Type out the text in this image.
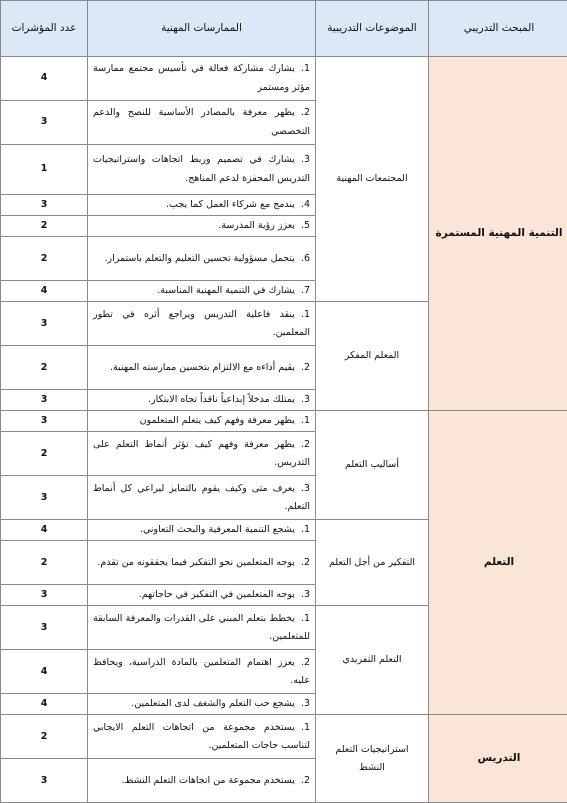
المبحث التدريبي	الموضوعات التدريبية	الممارسات المهنية	عدد المؤشرات
التنمية المهنية المستمرة	المجتمعات المهنية	1.يشارك مشاركة فعالة في تأسيس مجتمع ممارسة مؤثر ومستمر	4
		2.يظهر معرفة بالمصادر الأساسية للنصح والدعم التخصصي	3
		3.يشارك في تصميم وربط اتجاهات واستراتيجيات التدريس المحفزة لدعم المناهج.	1
		4.يندمج مع شركاء العمل كما يجب.	3
		5.يعزز رؤية المدرسة.	2
		6.يتحمل مسؤولية تحسين التعليم والتعلم باستمرار.	2
		7.يشارك في التنمية المهنية المناسبة.	4
	المعلم المفكر	1.ينقد فاعلية التدريس ويراجع أثره في تطور المعلمين.	3
		2.يقيم أداءه مع الالتزام بتحسين ممارسته المهنية.	2
		3.يمتلك مدخلاً إبداعياً ناقداً تجاه الابتكار.	3
التعلم	أساليب التعلم	1.يظهر معرفة وفهم كيف يتعلم المتعلمون	3
		2.يظهر معرفة وفهم كيف تؤثر أنماط التعلم على التدريس.	2
		3.يعرف متى وكيف يقوم بالتمايز ليراعي كل أنماط التعلم.	3
	التفكير من أجل التعلم	1.يشجع التنمية المعرفية والبحث التعاوني.	4
		2.يوجه المتعلمين نحو التفكير فيما يحققونه من تقدم.	2
		3.يوجه المتعلمين في التفكير في حاجاتهم.	3
	التعلم التفريدي	1.يخطط بتعلم المبني على القدرات والمعرفة السابقة للمتعلمين.	3
		2.يعزز اهتمام المتعلمين بالمادة الدراسية، ويحافظ عليه.	4
		3.يشجع حب التعلم والشغف لدى المتعلمين.	4
التدريس	استراتيجيات التعلم النشط	1.يستخدم مجموعة من اتجاهات التعلم الايجابي لتناسب حاجات المتعلمين.	2
		2.يستخدم مجموعة من اتجاهات التعلم النشط.	3
